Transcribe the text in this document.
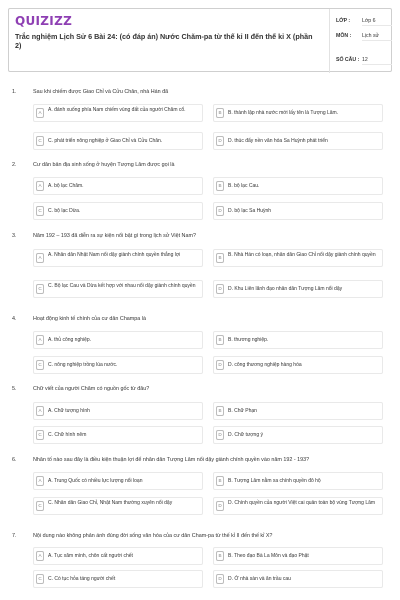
QUIZIZZ
Trắc nghiệm Lịch Sử 6 Bài 24: (có đáp án) Nước Chăm-pa từ thế kỉ II đến thế kỉ X (phần 2)
LỚP : Lớp 6
MÔN : Lịch sử
SỐ CÂU : 12
1.	Sau khi chiếm được Giao Chỉ và Cửu Chân, nhà Hán đã
A	A. đánh xuống phía Nam chiếm vùng đất của người Chăm cổ.	B	B. thành lập nhà nước mới lấy tên là Tượng Lâm.
C	C. phát triển nông nghiệp ở Giao Chỉ và Cửu Chân.	D	D. thúc đẩy nền văn hóa Sa Huỳnh phát triển
2.	Cư dân bản địa sinh sống ở huyện Tượng Lâm được gọi là
A	A. bộ lạc Chăm.	B	B. bộ lạc Cau.
C	C. bộ lạc Dừa.	D	D. bộ lạc Sa Huỳnh
3.	Năm 192 – 193 đã diễn ra sự kiện nổi bật gì trong lịch sử Việt Nam?
A	A. Nhân dân Nhật Nam nổi dậy giành chính quyền thắng lợi	B	B. Nhà Hán có loạn, nhân dân Giao Chỉ nổi dậy giành chính quyền
C	C. Bộ lạc Cau và Dừa kết hợp với nhau nổi dậy giành chính quyền	D	D. Khu Liên lãnh đạo nhân dân Tượng Lâm nổi dậy
4.	Hoạt động kinh tế chính của cư dân Champa là
A	A. thủ công nghiệp.	B	B. thương nghiệp.
C	C. nông nghiệp trồng lúa nước.	D	D. công thương nghiệp hàng hóa
5.	Chữ viết của người Chăm có nguồn gốc từ đâu?
A	A. Chữ tượng hình	B	B. Chữ Phạn
C	C. Chữ hình nêm	D	D. Chữ tượng ý
6.	Nhân tố nào sau đây là điều kiện thuận lợi để nhân dân Tượng Lâm nổi dậy giành chính quyền vào năm 192 - 193?
A	A. Trung Quốc có nhiều lực lượng nổi loạn	B	B. Tượng Lâm nằm xa chính quyền đô hộ
C	C. Nhân dân Giao Chỉ, Nhật Nam thường xuyên nổi dậy	D	D. Chính quyền của người Việt cai quản toàn bộ vùng Tượng Lâm
7.	Nội dung nào không phản ánh đúng đời sống văn hóa của cư dân Cham-pa từ thế kỉ II đến thế kỉ X?
A	A. Tục xăm mình, chôn cất người chết	B	B. Theo đạo Bà La Môn và đạo Phật
C	C. Có tục hỏa táng người chết	D	D. Ở nhà sàn và ăn trầu cau
